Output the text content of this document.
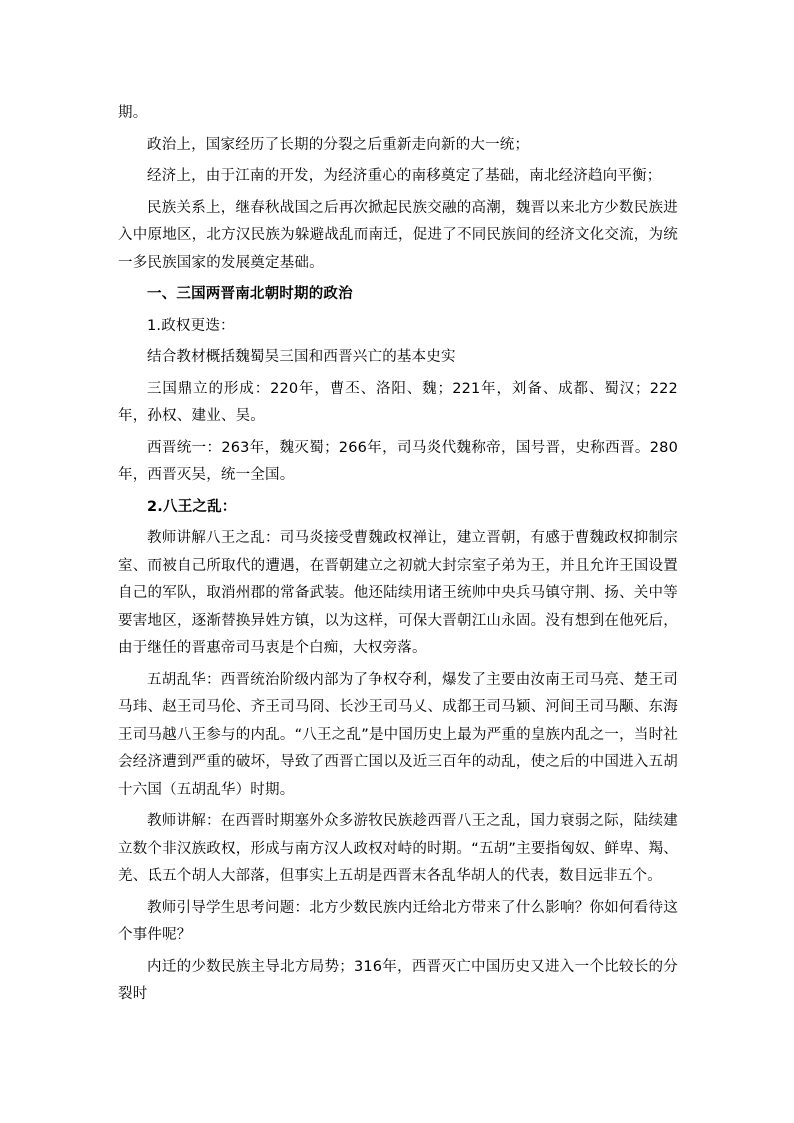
期。

政治上，国家经历了长期的分裂之后重新走向新的大一统；

经济上，由于江南的开发，为经济重心的南移奠定了基础，南北经济趋向平衡；

民族关系上，继春秋战国之后再次掀起民族交融的高潮，魏晋以来北方少数民族进入中原地区，北方汉民族为躲避战乱而南迁，促进了不同民族间的经济文化交流，为统一多民族国家的发展奠定基础。

一、三国两晋南北朝时期的政治

1.政权更迭：

结合教材概括魏蜀吴三国和西晋兴亡的基本史实

三国鼎立的形成：220年，曹丕、洛阳、魏；221年，刘备、成都、蜀汉；222年，孙权、建业、吴。

西晋统一：263年，魏灭蜀；266年，司马炎代魏称帝，国号晋，史称西晋。280年，西晋灭吴，统一全国。

2.八王之乱：

教师讲解八王之乱：司马炎接受曹魏政权禅让，建立晋朝，有感于曹魏政权抑制宗室、而被自己所取代的遭遇，在晋朝建立之初就大封宗室子弟为王，并且允许王国设置自己的军队，取消州郡的常备武装。他还陆续用诸王统帅中央兵马镇守荆、扬、关中等要害地区，逐渐替换异姓方镇，以为这样，可保大晋朝江山永固。没有想到在他死后，由于继任的晋惠帝司马衷是个白痴，大权旁落。

五胡乱华：西晋统治阶级内部为了争权夺利，爆发了主要由汝南王司马亮、楚王司马玮、赵王司马伦、齐王司马冏、长沙王司马乂、成都王司马颖、河间王司马颙、东海王司马越八王参与的内乱。“八王之乱”是中国历史上最为严重的皇族内乱之一，当时社会经济遭到严重的破坏，导致了西晋亡国以及近三百年的动乱，使之后的中国进入五胡十六国（五胡乱华）时期。

教师讲解：在西晋时期塞外众多游牧民族趁西晋八王之乱，国力衰弱之际，陆续建立数个非汉族政权，形成与南方汉人政权对峙的时期。“五胡”主要指匈奴、鲜卑、羯、羌、氐五个胡人大部落，但事实上五胡是西晋末各乱华胡人的代表，数目远非五个。

教师引导学生思考问题：北方少数民族内迁给北方带来了什么影响？你如何看待这个事件呢？

内迁的少数民族主导北方局势；316年，西晋灭亡中国历史又进入一个比较长的分裂时
